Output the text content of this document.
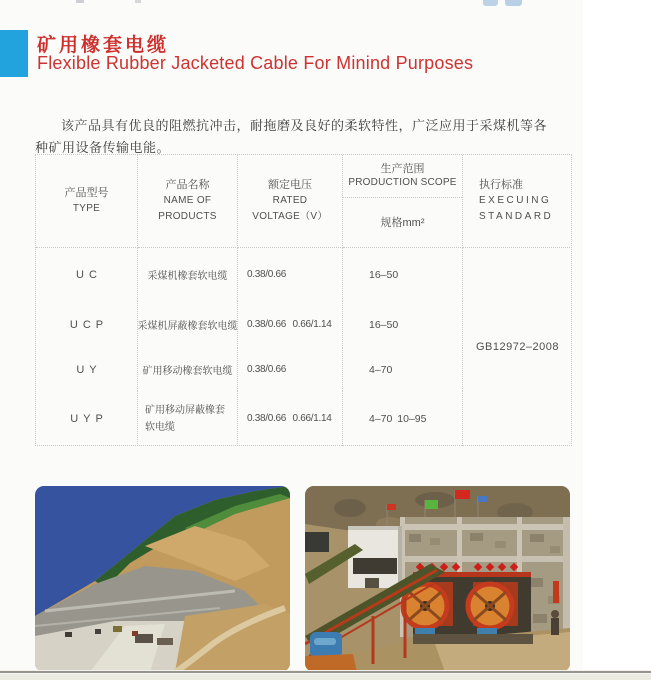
矿用橡套电缆
Flexible Rubber Jacketed Cable For Minind Purposes

该产品具有优良的阻燃抗冲击，耐拖磨及良好的柔软特性，广泛应用于采煤机等各种矿用设备传输电能。

产品型号
TYPE
产品名称
NAME OF PRODUCTS
额定电压
RATED
VOLTAGE（V）
生产范围
PRODUCTION SCOPE
规格mm²
执行标准
EXECUING
STANDARD
UC
UCP
UY
UYP
采煤机橡套软电缆
采煤机屏蔽橡套软电缆
矿用移动橡套软电缆
矿用移动屏蔽橡套软电缆
0.38/0.66
0.38/0.66 0.66/1.14
0.38/0.66
0.38/0.66 0.66/1.14
16–50
16–50
4–70
4–70 10–95
GB12972–2008
